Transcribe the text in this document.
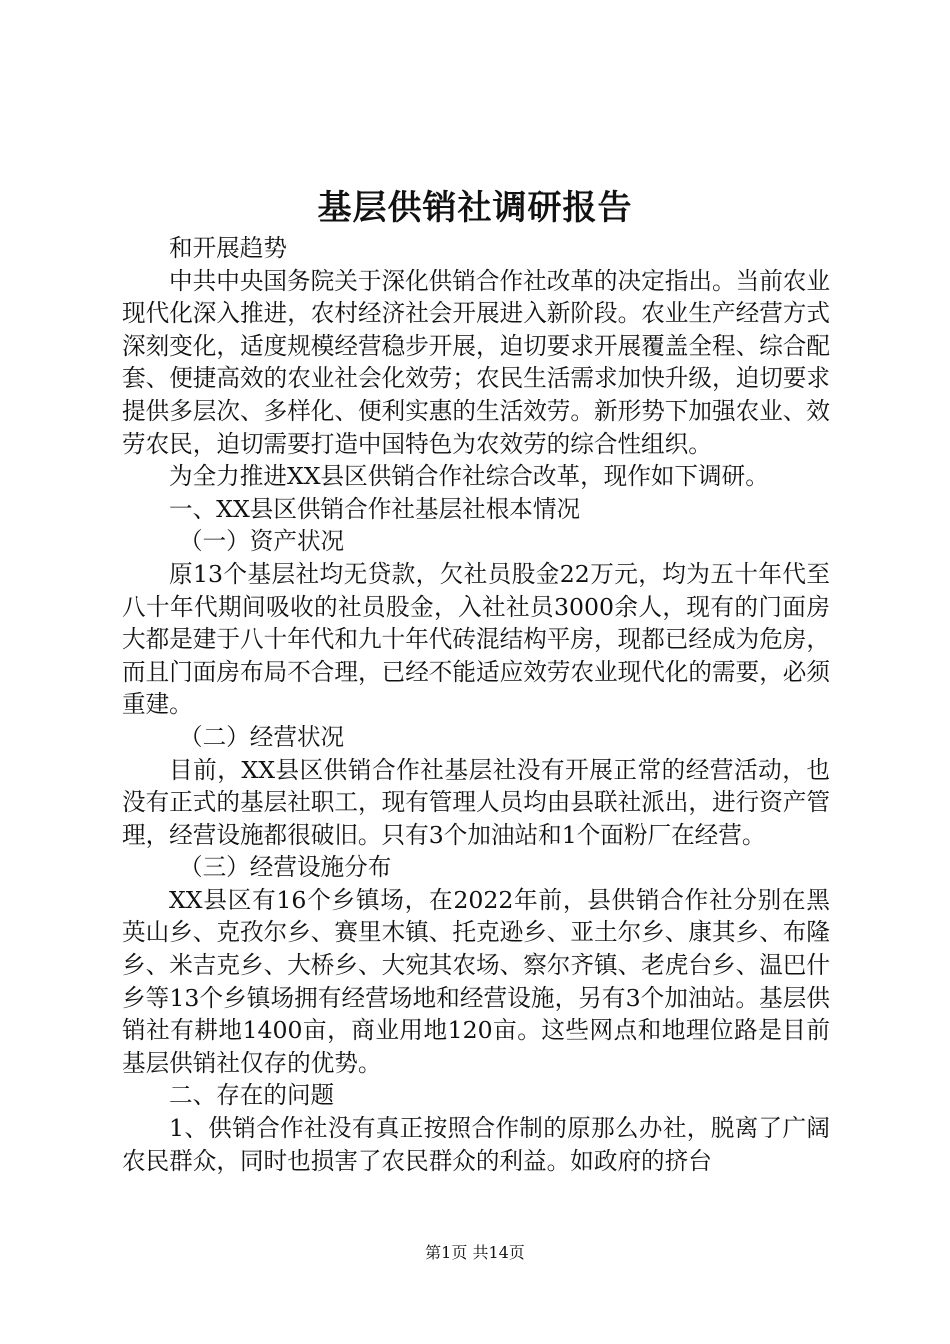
基层供销社调研报告

和开展趋势

中共中央国务院关于深化供销合作社改革的决定指出。当前农业现代化深入推进，农村经济社会开展进入新阶段。农业生产经营方式深刻变化，适度规模经营稳步开展，迫切要求开展覆盖全程、综合配套、便捷高效的农业社会化效劳；农民生活需求加快升级，迫切要求提供多层次、多样化、便利实惠的生活效劳。新形势下加强农业、效劳农民，迫切需要打造中国特色为农效劳的综合性组织。

为全力推进XX县区供销合作社综合改革，现作如下调研。

一、XX县区供销合作社基层社根本情况

（一）资产状况

原13个基层社均无贷款，欠社员股金22万元，均为五十年代至八十年代期间吸收的社员股金，入社社员3000余人，现有的门面房大都是建于八十年代和九十年代砖混结构平房，现都已经成为危房，而且门面房布局不合理，已经不能适应效劳农业现代化的需要，必须重建。

（二）经营状况

目前，XX县区供销合作社基层社没有开展正常的经营活动，也没有正式的基层社职工，现有管理人员均由县联社派出，进行资产管理，经营设施都很破旧。只有3个加油站和1个面粉厂在经营。

（三）经营设施分布

XX县区有16个乡镇场，在2022年前，县供销合作社分别在黑英山乡、克孜尔乡、赛里木镇、托克逊乡、亚土尔乡、康其乡、布隆乡、米吉克乡、大桥乡、大宛其农场、察尔齐镇、老虎台乡、温巴什乡等13个乡镇场拥有经营场地和经营设施，另有3个加油站。基层供销社有耕地1400亩，商业用地120亩。这些网点和地理位路是目前基层供销社仅存的优势。

二、存在的问题

1、供销合作社没有真正按照合作制的原那么办社，脱离了广阔农民群众，同时也损害了农民群众的利益。如政府的挤台

第1页 共14页
